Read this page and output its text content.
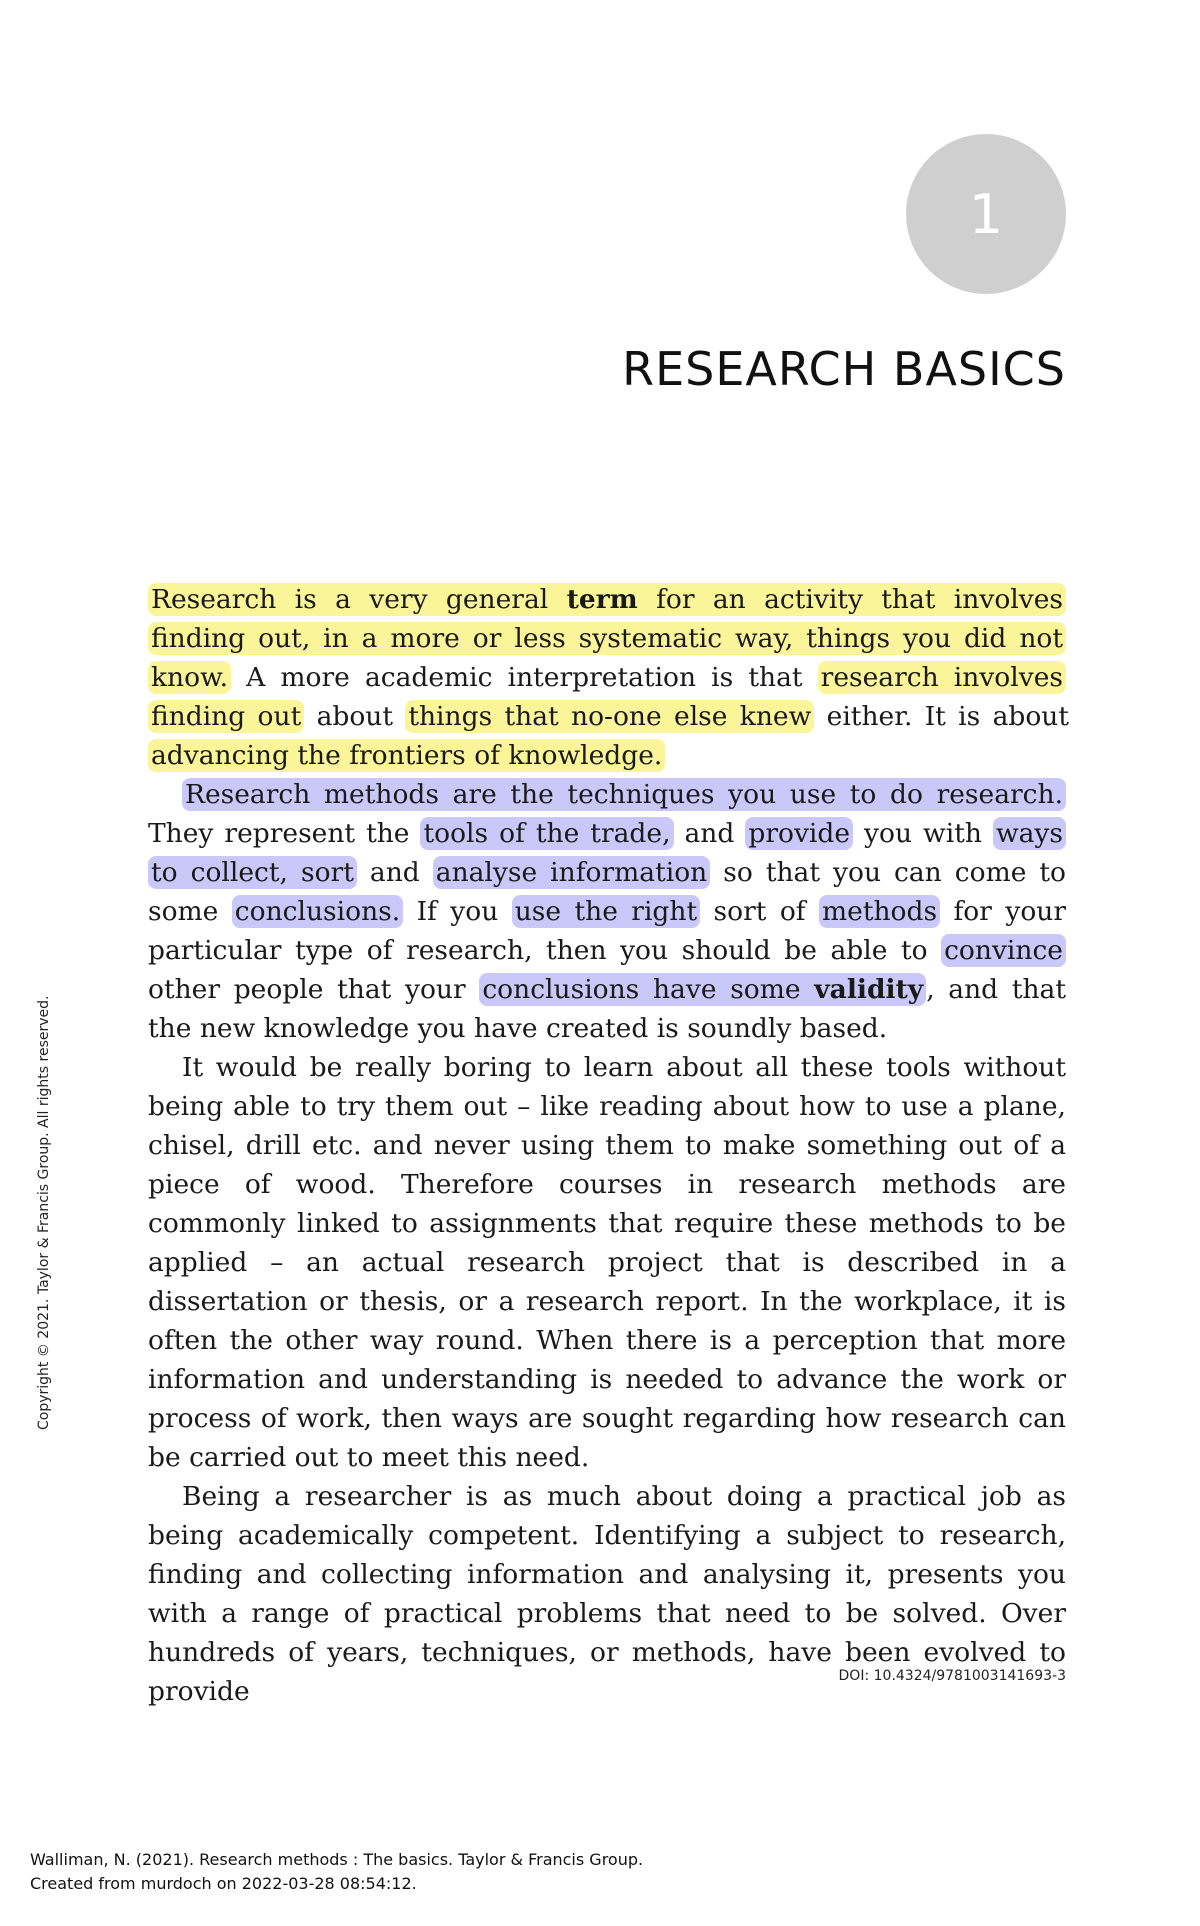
1
RESEARCH BASICS

Research is a very general term for an activity that involves finding out, in a more or less systematic way, things you did not know. A more academic interpretation is that research involves finding out about things that no-one else knew either. It is about advancing the frontiers of knowledge.

Research methods are the techniques you use to do research. They represent the tools of the trade, and provide you with ways to collect, sort and analyse information so that you can come to some conclusions. If you use the right sort of methods for your particular type of research, then you should be able to convince other people that your conclusions have some validity , and that the new knowledge you have created is soundly based.

It would be really boring to learn about all these tools without being able to try them out – like reading about how to use a plane, chisel, drill etc. and never using them to make something out of a piece of wood. Therefore courses in research methods are commonly linked to assignments that require these methods to be applied – an actual research project that is described in a dissertation or thesis, or a research report. In the workplace, it is often the other way round. When there is a perception that more information and understanding is needed to advance the work or process of work, then ways are sought regarding how research can be carried out to meet this need.

Being a researcher is as much about doing a practical job as being academically competent. Identifying a subject to research, finding and collecting information and analysing it, presents you with a range of practical problems that need to be solved. Over hundreds of years, techniques, or methods, have been evolved to provide	DOI: 10.4324/9781003141693-3
Copyright © 2021. Taylor & Francis Group. All rights reserved.
Walliman, N. (2021). Research methods : The basics. Taylor & Francis Group.
Created from murdoch on 2022-03-28 08:54:12.
